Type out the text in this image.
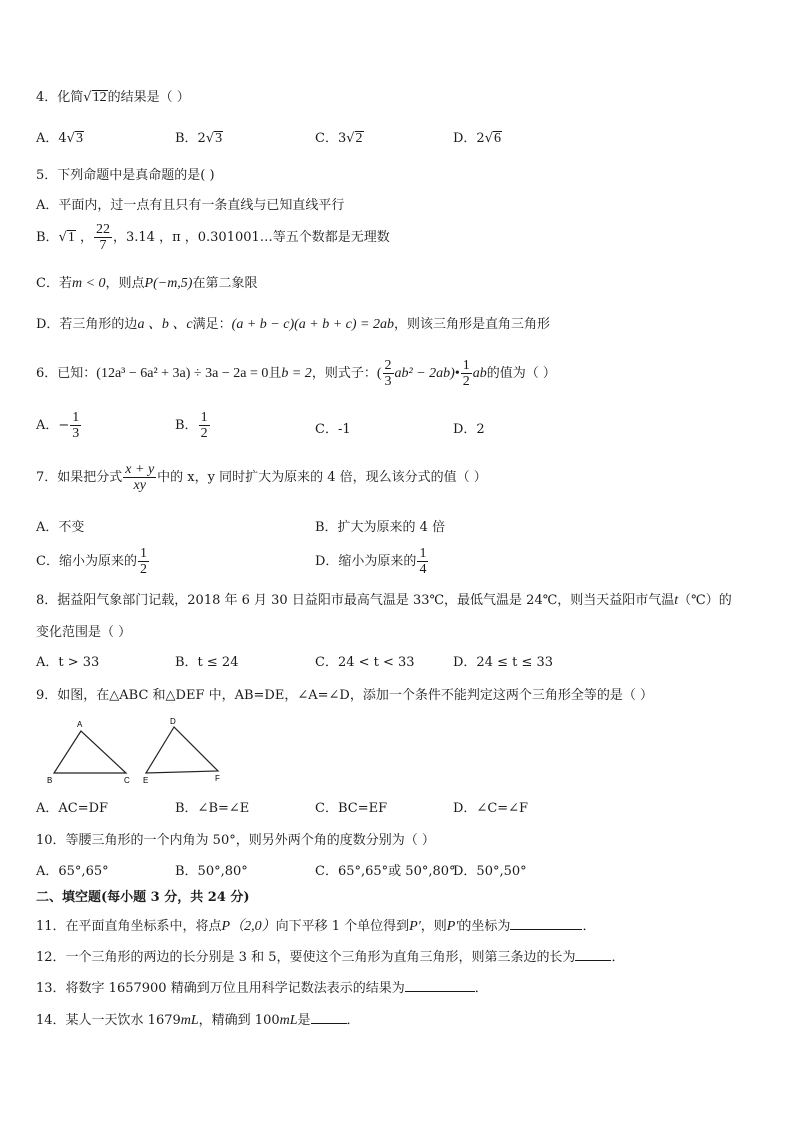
4．化简√12的结果是（ ）
A．4√3	B．2√3	C．3√2	D．2√6
5．下列命题中是真命题的是( )
A．平面内，过一点有且只有一条直线与已知直线平行
B．√1 ， $\frac{22}{7}$ ，3.14 ，π ，0.301001…等五个数都是无理数
C．若m < 0，则点P(−m,5)在第二象限
D．若三角形的边a 、b 、c满足：(a + b − c)(a + b + c) = 2ab，则该三角形是直角三角形
6．已知：(12a³ − 6a² + 3a) ÷ 3a − 2a = 0且b = 2，则式子：( $\frac{2}{3} ab^2$ − 2ab)• $\frac{1}{2}$ ab的值为（ ）
A．− $\frac{1}{3}$	B． $\frac{1}{2}$	C．-1	D．2
7．如果把分式 $\frac{x + y}{xy}$ 中的 x，y 同时扩大为原来的 4 倍，现么该分式的值（ ）
A．不变	B．扩大为原来的 4 倍
C．缩小为原来的 $\frac{1}{2}$	D．缩小为原来的 $\frac{1}{4}$
8．据益阳气象部门记载，2018 年 6 月 30 日益阳市最高气温是 33℃，最低气温是 24℃，则当天益阳市气温t（℃）的
变化范围是（ ）
A．t > 33	B．t ≤ 24	C．24 < t < 33	D．24 ≤ t ≤ 33
9．如图，在△ABC 和△DEF 中，AB=DE，∠A=∠D，添加一个条件不能判定这两个三角形全等的是（ ）
A
B	C
D
E	F
A．AC=DF	B．∠B=∠E	C．BC=EF	D．∠C=∠F
10．等腰三角形的一个内角为 50°，则另外两个角的度数分别为（ ）
A．65°,65°	B．50°,80°	C．65°,65°或 50°,80°
D．50°,50°
二、填空题(每小题 3 分，共 24 分)
11．在平面直角坐标系中，将点P（2,0）向下平移 1 个单位得到P′，则P′的坐标为	．
12．一个三角形的两边的长分别是 3 和 5，要使这个三角形为直角三角形，则第三条边的长为	．
13．将数字 1657900 精确到万位且用科学记数法表示的结果为	．
14．某人一天饮水 1679mL，精确到 100mL是	．
